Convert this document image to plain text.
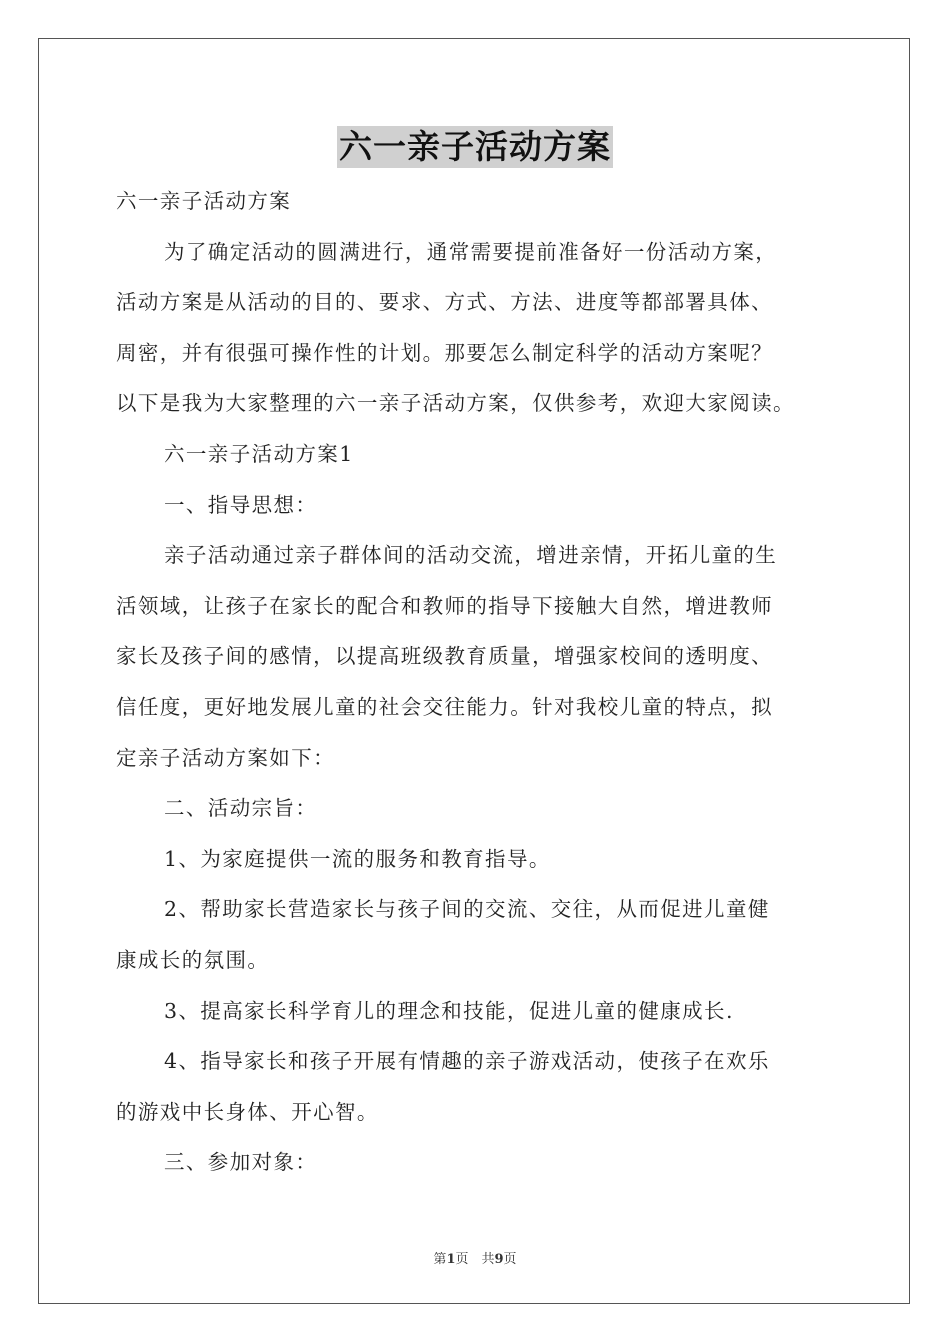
六一亲子活动方案

六一亲子活动方案

为了确定活动的圆满进行，通常需要提前准备好一份活动方案，
活动方案是从活动的目的、要求、方式、方法、进度等都部署具体、
周密，并有很强可操作性的计划。那要怎么制定科学的活动方案呢？
以下是我为大家整理的六一亲子活动方案，仅供参考，欢迎大家阅读。

六一亲子活动方案1

一、指导思想：

亲子活动通过亲子群体间的活动交流，增进亲情，开拓儿童的生
活领域，让孩子在家长的配合和教师的指导下接触大自然，增进教师
家长及孩子间的感情，以提高班级教育质量，增强家校间的透明度、
信任度，更好地发展儿童的社会交往能力。针对我校儿童的特点，拟
定亲子活动方案如下：

二、活动宗旨：

1、为家庭提供一流的服务和教育指导。

2、帮助家长营造家长与孩子间的交流、交往，从而促进儿童健
康成长的氛围。

3、提高家长科学育儿的理念和技能，促进儿童的健康成长.

4、指导家长和孩子开展有情趣的亲子游戏活动，使孩子在欢乐
的游戏中长身体、开心智。

三、参加对象：

第1页　共9页
